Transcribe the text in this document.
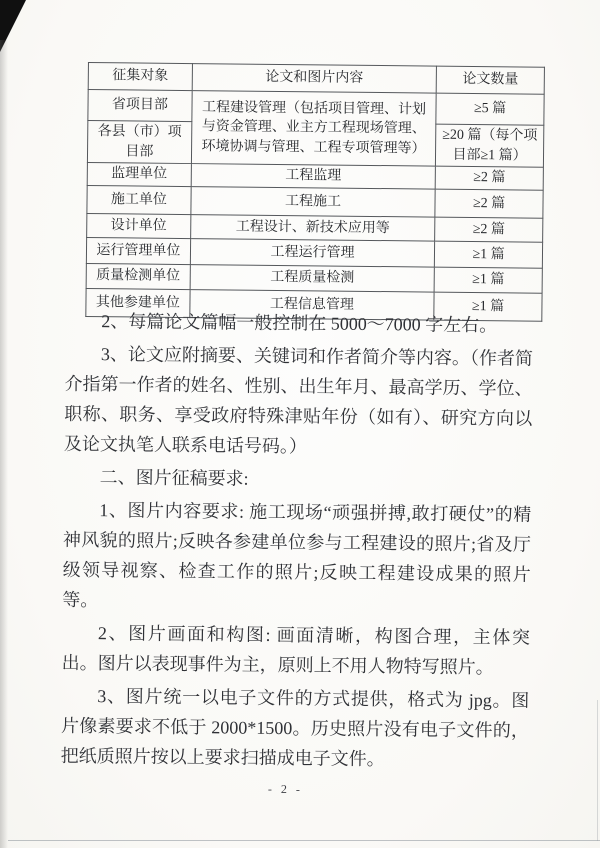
征集对象	论文和图片内容	论文数量
省项目部	工程建设管理（包括项目管理、计划与资金管理、业主方工程现场管理、环境协调与管理、工程专项管理等）	≥5 篇
各县（市）项目部		≥20 篇（每个项目部≥1 篇）
监理单位	工程监理	≥2 篇
施工单位	工程施工	≥2 篇
设计单位	工程设计、新技术应用等	≥2 篇
运行管理单位	工程运行管理	≥1 篇
质量检测单位	工程质量检测	≥1 篇
其他参建单位	工程信息管理	≥1 篇

2、每篇论文篇幅一般控制在 5000～7000 字左右。

3、论文应附摘要、关键词和作者简介等内容。（作者简介指第一作者的姓名、性别、出生年月、最高学历、学位、职称、职务、享受政府特殊津贴年份（如有）、研究方向以及论文执笔人联系电话号码。）

二、图片征稿要求:

1、图片内容要求: 施工现场“顽强拼搏,敢打硬仗”的精神风貌的照片;反映各参建单位参与工程建设的照片;省及厅级领导视察、检查工作的照片;反映工程建设成果的照片等。

2、图片画面和构图: 画面清晰，构图合理，主体突出。图片以表现事件为主，原则上不用人物特写照片。

3、图片统一以电子文件的方式提供，格式为 jpg。图片像素要求不低于 2000*1500。历史照片没有电子文件的，把纸质照片按以上要求扫描成电子文件。

- 2 -
